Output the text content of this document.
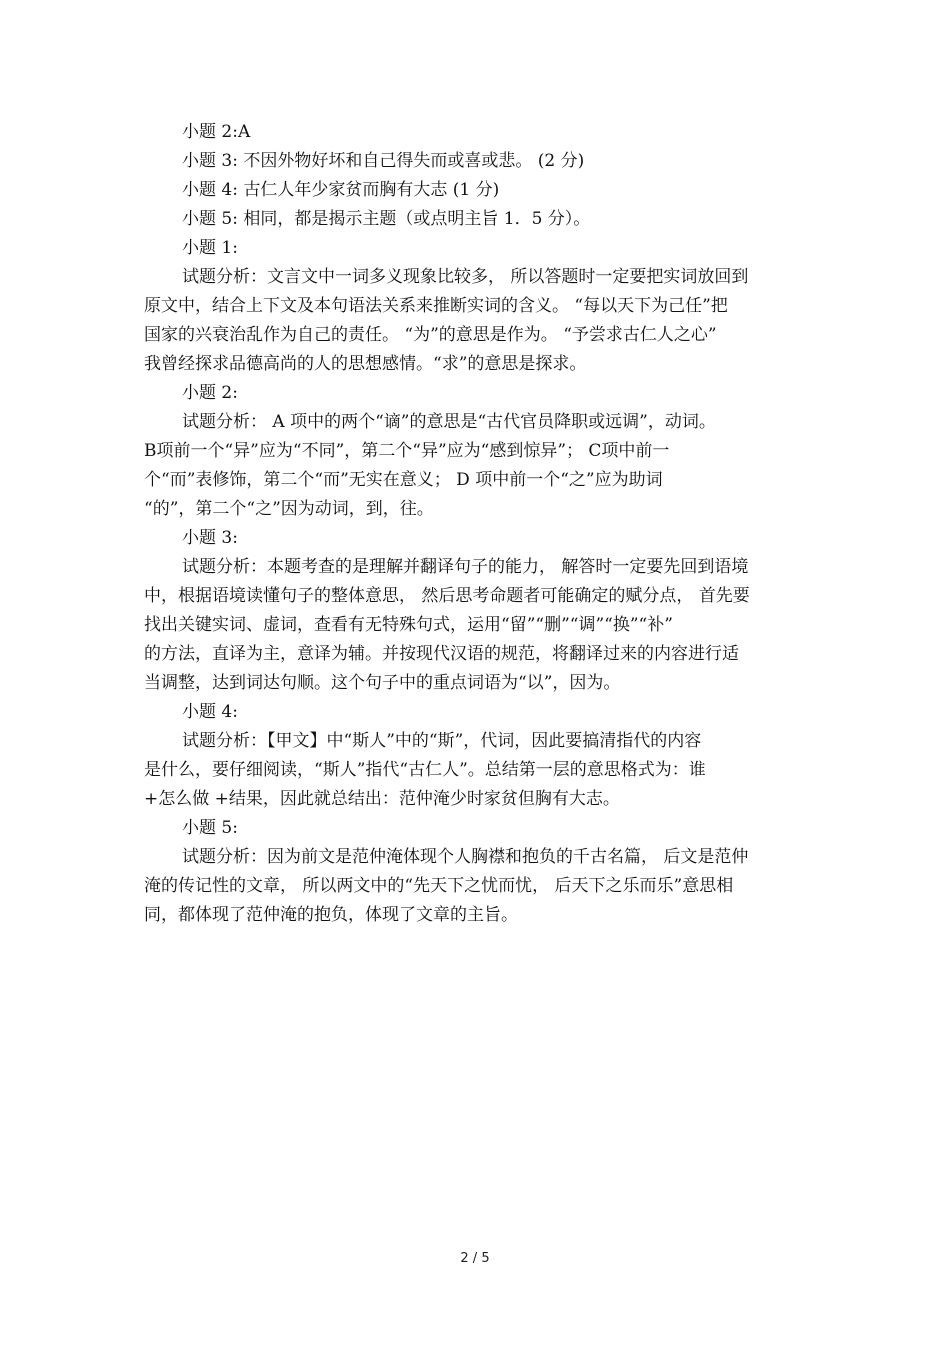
小题 2:A
小题 3: 不因外物好坏和自己得失而或喜或悲。 (2 分)
小题 4: 古仁人年少家贫而胸有大志 (1 分)
小题 5: 相同，都是揭示主题（或点明主旨 1．5 分）。
小题 1:
试题分析：文言文中一词多义现象比较多， 所以答题时一定要把实词放回到
原文中，结合上下文及本句语法关系来推断实词的含义。 “每以天下为己任”把
国家的兴衰治乱作为自己的责任。 “为”的意思是作为。 “予尝求古仁人之心”
我曾经探求品德高尚的人的思想感情。“求”的意思是探求。
小题 2:
试题分析： A 项中的两个“谪”的意思是“古代官员降职或远调”，动词。
B项前一个“异”应为“不同”，第二个“异”应为“感到惊异”； C项中前一
个“而”表修饰，第二个“而”无实在意义； D 项中前一个“之”应为助词
“的”，第二个“之”因为动词，到，往。
小题 3:
试题分析：本题考查的是理解并翻译句子的能力， 解答时一定要先回到语境
中，根据语境读懂句子的整体意思， 然后思考命题者可能确定的赋分点， 首先要
找出关键实词、虚词，查看有无特殊句式，运用“留”“删”“调”“换”“补”
的方法，直译为主，意译为辅。并按现代汉语的规范，将翻译过来的内容进行适
当调整，达到词达句顺。这个句子中的重点词语为“以”，因为。
小题 4:
试题分析：【甲文】中“斯人”中的“斯”，代词，因此要搞清指代的内容
是什么，要仔细阅读，“斯人”指代“古仁人”。总结第一层的意思格式为：谁
+怎么做 +结果，因此就总结出：范仲淹少时家贫但胸有大志。
小题 5:
试题分析：因为前文是范仲淹体现个人胸襟和抱负的千古名篇， 后文是范仲
淹的传记性的文章， 所以两文中的“先天下之忧而忧， 后天下之乐而乐”意思相
同，都体现了范仲淹的抱负，体现了文章的主旨。
2 / 5
